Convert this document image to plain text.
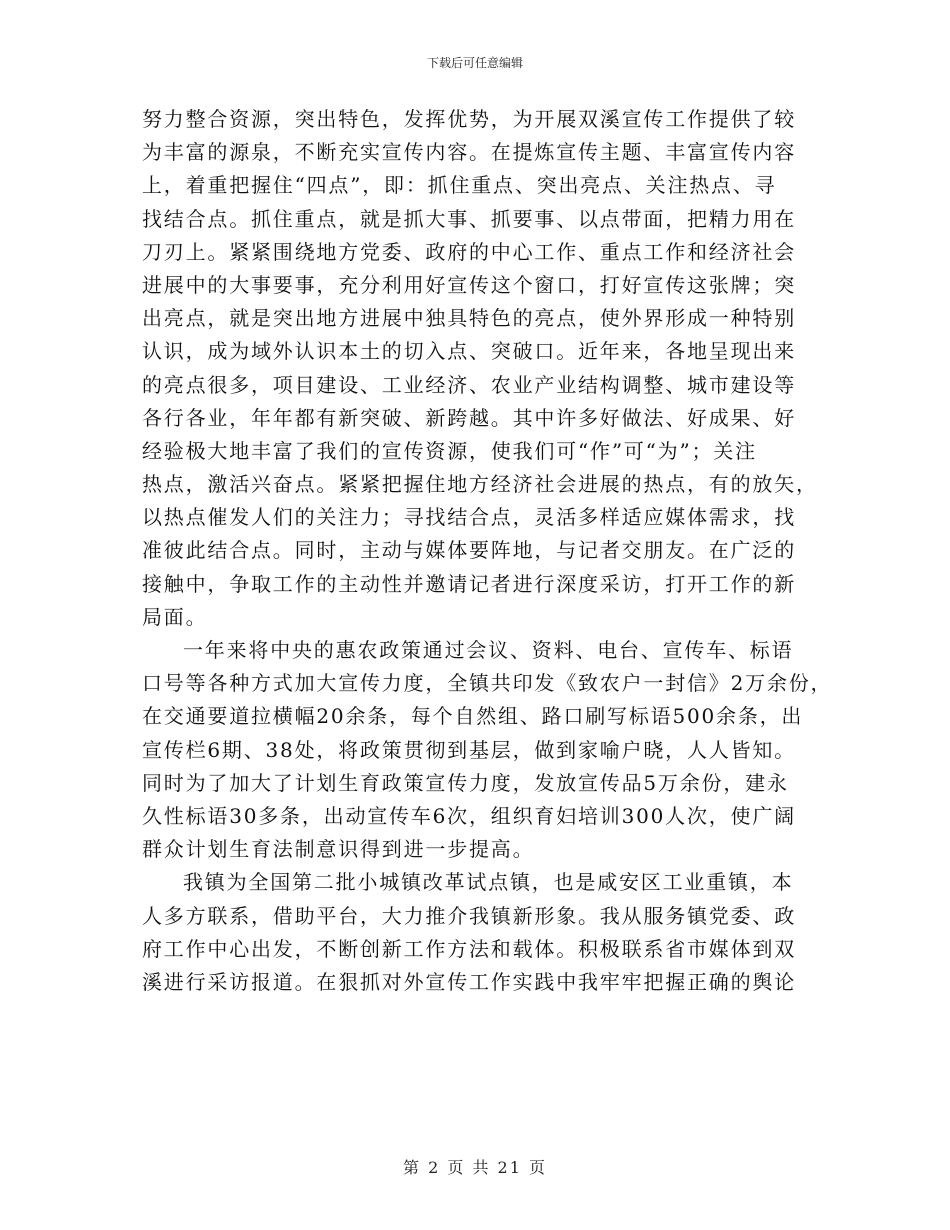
下载后可任意编辑
努力整合资源，突出特色，发挥优势，为开展双溪宣传工作提供了较
为丰富的源泉，不断充实宣传内容。在提炼宣传主题、丰富宣传内容
上，着重把握住“四点”，即：抓住重点、突出亮点、关注热点、寻
找结合点。抓住重点，就是抓大事、抓要事、以点带面，把精力用在
刀刃上。紧紧围绕地方党委、政府的中心工作、重点工作和经济社会
进展中的大事要事，充分利用好宣传这个窗口，打好宣传这张牌；突
出亮点，就是突出地方进展中独具特色的亮点，使外界形成一种特别
认识，成为域外认识本土的切入点、突破口。近年来，各地呈现出来
的亮点很多，项目建设、工业经济、农业产业结构调整、城市建设等
各行各业，年年都有新突破、新跨越。其中许多好做法、好成果、好
经验极大地丰富了我们的宣传资源，使我们可“作”可“为”；关注
热点，激活兴奋点。紧紧把握住地方经济社会进展的热点，有的放矢，
以热点催发人们的关注力；寻找结合点，灵活多样适应媒体需求，找
准彼此结合点。同时，主动与媒体要阵地，与记者交朋友。在广泛的
接触中，争取工作的主动性并邀请记者进行深度采访，打开工作的新
局面。
一年来将中央的惠农政策通过会议、资料、电台、宣传车、标语
口号等各种方式加大宣传力度，全镇共印发《致农户一封信》2万余份，
在交通要道拉横幅20余条，每个自然组、路口刷写标语500余条，出
宣传栏6期、38处，将政策贯彻到基层，做到家喻户晓，人人皆知。
同时为了加大了计划生育政策宣传力度，发放宣传品5万余份，建永
久性标语30多条，出动宣传车6次，组织育妇培训300人次，使广阔
群众计划生育法制意识得到进一步提高。
我镇为全国第二批小城镇改革试点镇，也是咸安区工业重镇，本
人多方联系，借助平台，大力推介我镇新形象。我从服务镇党委、政
府工作中心出发，不断创新工作方法和载体。积极联系省市媒体到双
溪进行采访报道。在狠抓对外宣传工作实践中我牢牢把握正确的舆论
第 2 页 共 21 页
